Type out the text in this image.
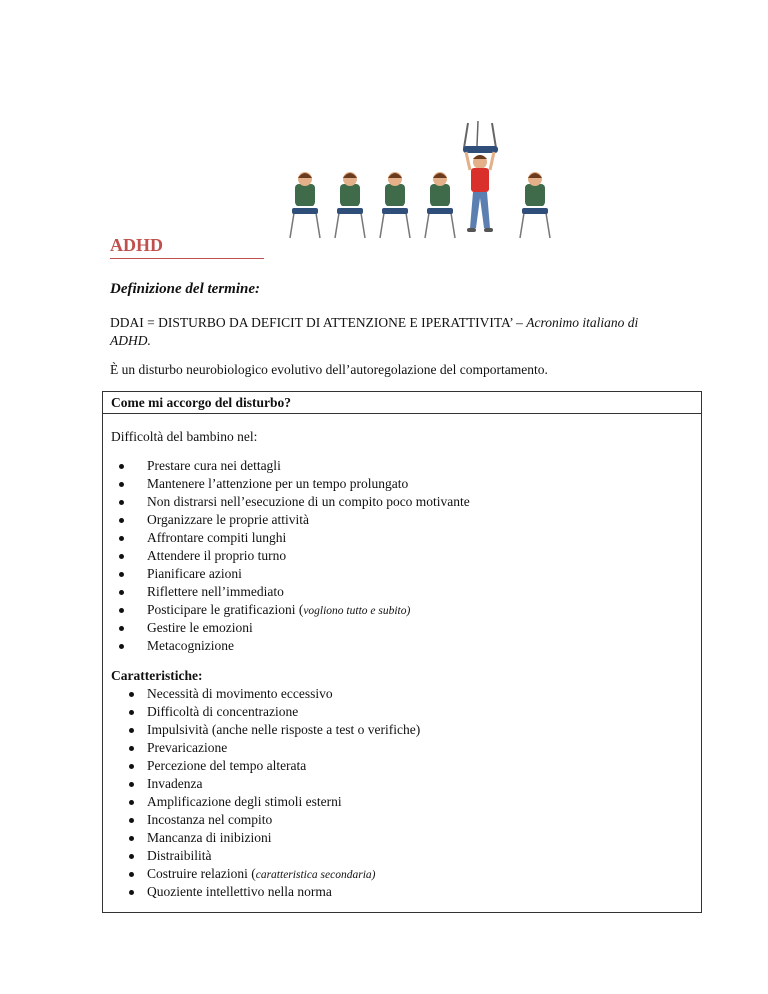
ADHD
Definizione del termine:
DDAI = DISTURBO DA DEFICIT DI ATTENZIONE E IPERATTIVITA’ – Acronimo italiano di ADHD.
È un disturbo neurobiologico evolutivo dell’autoregolazione del comportamento.
Come mi accorgo del disturbo?
Difficoltà del bambino nel:
Prestare cura nei dettagli
Mantenere l’attenzione per un tempo prolungato
Non distrarsi nell’esecuzione di un compito poco motivante
Organizzare le proprie attività
Affrontare compiti lunghi
Attendere il proprio turno
Pianificare azioni
Riflettere nell’immediato
Posticipare le gratificazioni (vogliono tutto e subito)
Gestire le emozioni
Metacognizione
Caratteristiche:
Necessità di movimento eccessivo
Difficoltà di concentrazione
Impulsività (anche nelle risposte a test o verifiche)
Prevaricazione
Percezione del tempo alterata
Invadenza
Amplificazione degli stimoli esterni
Incostanza nel compito
Mancanza di inibizioni
Distraibilità
Costruire relazioni (caratteristica secondaria)
Quoziente intellettivo nella norma
